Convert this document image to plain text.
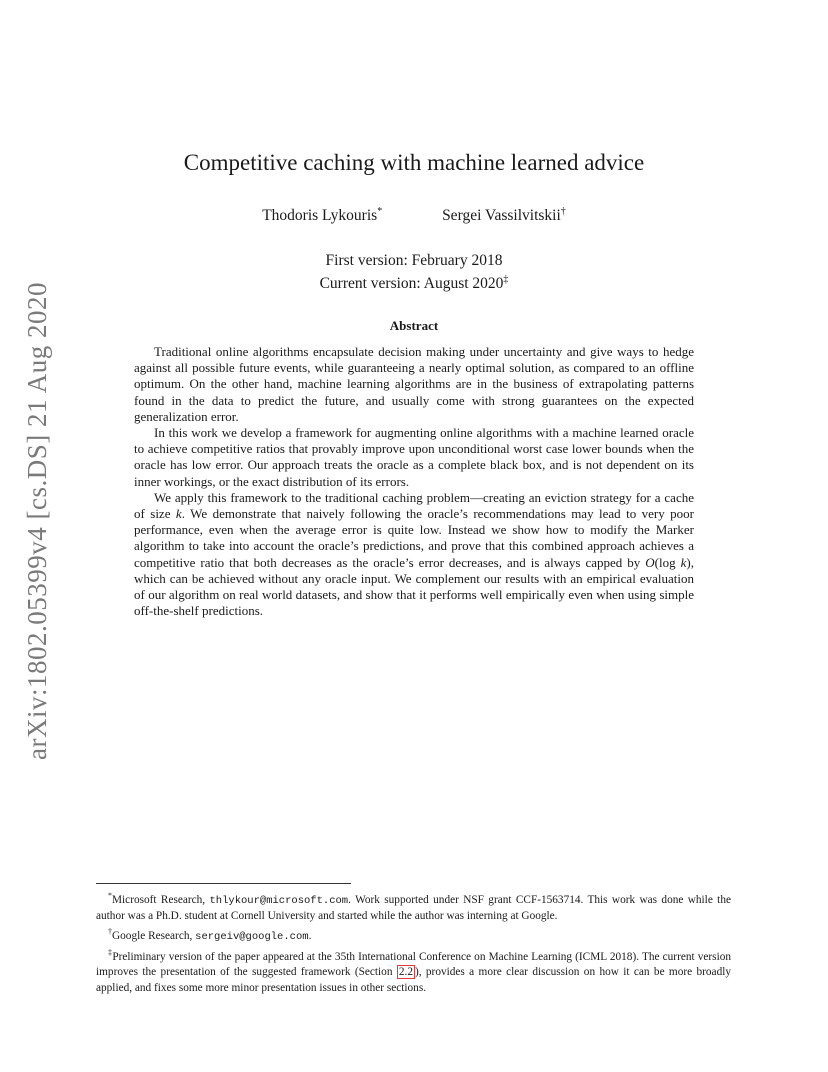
arXiv:1802.05399v4 [cs.DS] 21 Aug 2020
Competitive caching with machine learned advice
Thodoris Lykouris*	Sergei Vassilvitskii†
First version: February 2018
Current version: August 2020‡
Abstract

Traditional online algorithms encapsulate decision making under uncertainty and give ways to hedge against all possible future events, while guaranteeing a nearly optimal solution, as compared to an offline optimum. On the other hand, machine learning algorithms are in the business of extrapolating patterns found in the data to predict the future, and usually come with strong guarantees on the expected generalization error.

In this work we develop a framework for augmenting online algorithms with a machine learned oracle to achieve competitive ratios that provably improve upon unconditional worst case lower bounds when the oracle has low error. Our approach treats the oracle as a complete black box, and is not dependent on its inner workings, or the exact distribution of its errors.

We apply this framework to the traditional caching problem—creating an eviction strategy for a cache of size k. We demonstrate that naively following the oracle’s recommendations may lead to very poor performance, even when the average error is quite low. Instead we show how to modify the Marker algorithm to take into account the oracle’s predictions, and prove that this combined approach achieves a competitive ratio that both decreases as the oracle’s error decreases, and is always capped by O(log k), which can be achieved without any oracle input. We complement our results with an empirical evaluation of our algorithm on real world datasets, and show that it performs well empirically even when using simple off-the-shelf predictions.

*Microsoft Research, thlykour@microsoft.com. Work supported under NSF grant CCF-1563714. This work was done while the author was a Ph.D. student at Cornell University and started while the author was interning at Google.

†Google Research, sergeiv@google.com.

‡Preliminary version of the paper appeared at the 35th International Conference on Machine Learning (ICML 2018). The current version improves the presentation of the suggested framework (Section 2.2 ), provides a more clear discussion on how it can be more broadly applied, and fixes some more minor presentation issues in other sections.
